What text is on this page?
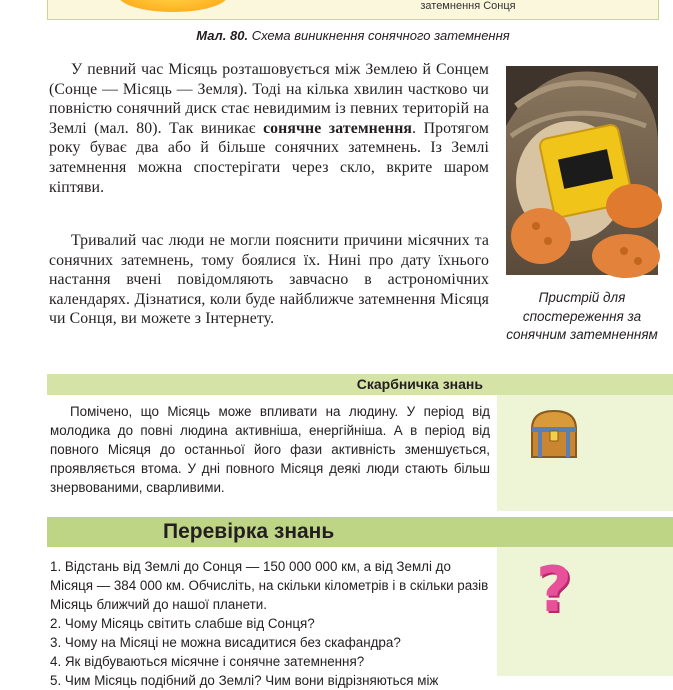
затемнення Сонця
Мал. 80. Схема виникнення сонячного затемнення

У певний час Місяць розташовується між Землею й Сонцем (Сонце — Місяць — Земля). Тоді на кілька хвилин частково чи повністю сонячний диск стає невидимим із певних територій на Землі (мал. 80). Так виникає сонячне затемнення. Протягом року буває два або й більше сонячних затемнень. Із Землі затемнення можна спостерігати через скло, вкрите шаром кіптяви.

Тривалий час люди не могли пояснити причини місячних та сонячних затемнень, тому боялися їх. Нині про дату їхнього настання вчені повідомляють завчасно в астрономічних календарях. Дізнатися, коли буде найближче затемнення Місяця чи Сонця, ви можете з Інтернету.

Пристрій для спостереження за сонячним затемненням
Скарбничка знань

Помічено, що Місяць може впливати на людину. У період від молодика до повні людина активніша, енергійніша. А в період від повного Місяця до останньої його фази активність зменшується, проявляється втома. У дні повного Місяця деякі люди стають більш знервованими, сварливими.

Перевірка знань
1. Відстань від Землі до Сонця — 150 000 000 км, а від Землі до Місяця — 384 000 км. Обчисліть, на скільки кілометрів і в скільки разів Місяць ближчий до нашої планети.
2. Чому Місяць світить слабше від Сонця?
3. Чому на Місяці не можна висадитися без скафандра?
4. Як відбуваються місячне і сонячне затемнення?
5. Чим Місяць подібний до Землі? Чим вони відрізняються між
?
